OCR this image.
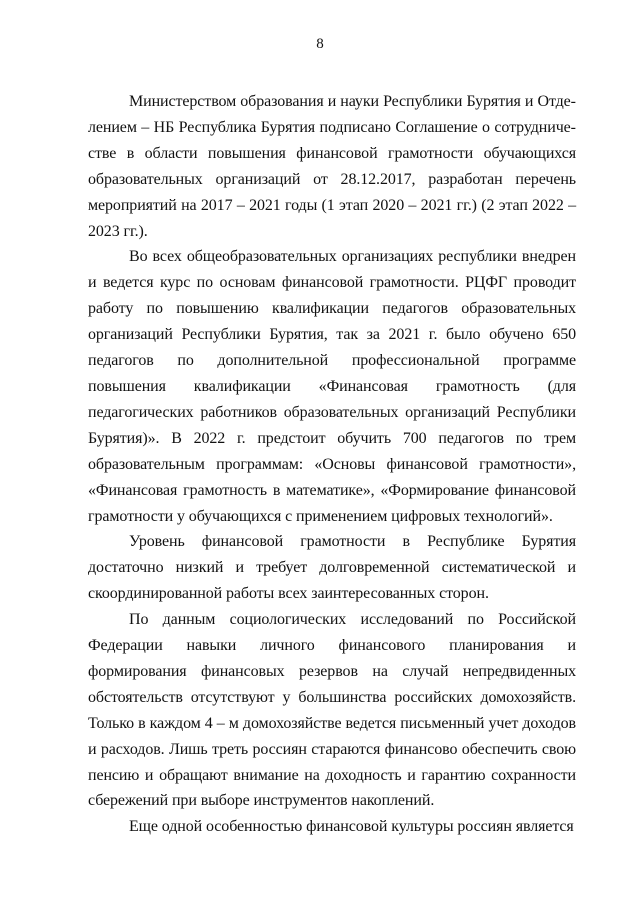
8

Министерством образования и науки Республики Бурятия и Отделением – НБ Республика Бурятия подписано Соглашение о сотрудничестве в области повышения финансовой грамотности обучающихся образовательных организаций от 28.12.2017, разработан перечень мероприятий на 2017 – 2021 годы (1 этап 2020 – 2021 гг.) (2 этап 2022 – 2023 гг.).

Во всех общеобразовательных организациях республики внедрен и ведется курс по основам финансовой грамотности. РЦФГ проводит работу по повышению квалификации педагогов образовательных организаций Республики Бурятия, так за 2021 г. было обучено 650 педагогов по дополнительной профессиональной программе повышения квалификации «Финансовая грамотность (для педагогических работников образовательных организаций Республики Бурятия)». В 2022 г. предстоит обучить 700 педагогов по трем образовательным программам: «Основы финансовой грамотности», «Финансовая грамотность в математике», «Формирование финансовой грамотности у обучающихся с применением цифровых технологий».

Уровень финансовой грамотности в Республике Бурятия достаточно низкий и требует долговременной систематической и скоординированной работы всех заинтересованных сторон.

По данным социологических исследований по Российской Федерации навыки личного финансового планирования и формирования финансовых резервов на случай непредвиденных обстоятельств отсутствуют у большинства российских домохозяйств. Только в каждом 4 – м домохозяйстве ведется письменный учет доходов и расходов. Лишь треть россиян стараются финансово обеспечить свою пенсию и обращают внимание на доходность и гарантию сохранности сбережений при выборе инструментов накоплений.

Еще одной особенностью финансовой культуры россиян является
